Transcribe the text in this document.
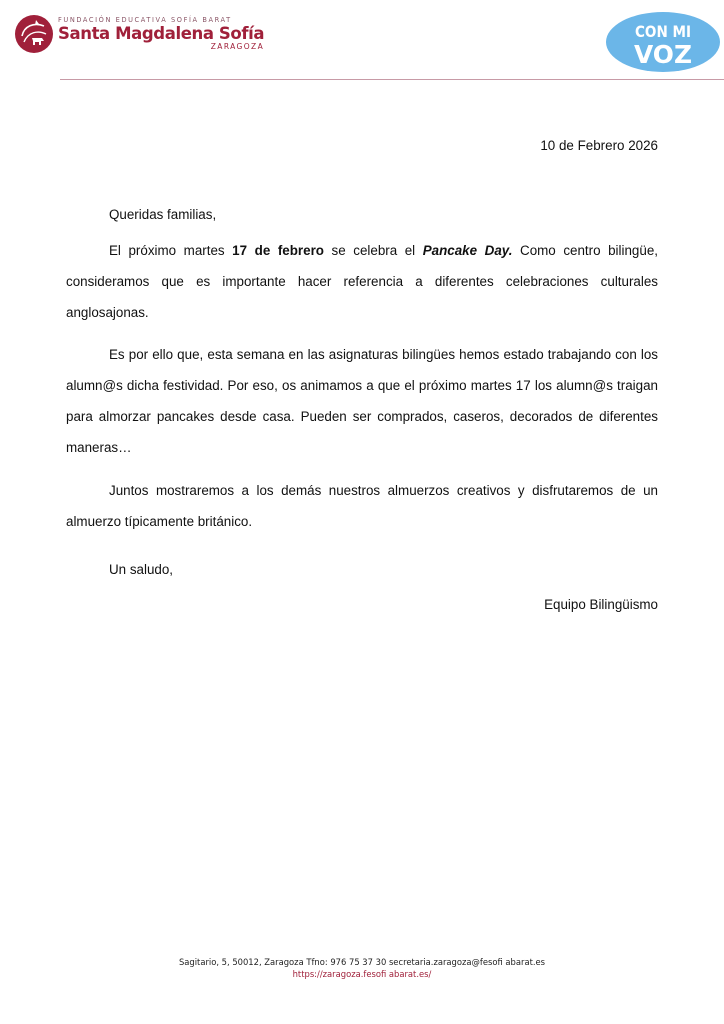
FUNDACIÓN EDUCATIVA SOFÍA BARAT
Santa Magdalena Sofía
ZARAGOZA
CON MI
VOZ
10 de Febrero 2026

Queridas familias,

El próximo martes 17 de febrero se celebra el Pancake Day. Como centro bilingüe, consideramos que es importante hacer referencia a diferentes celebraciones culturales anglosajonas.

Es por ello que, esta semana en las asignaturas bilingües hemos estado trabajando con los alumn@s dicha festividad. Por eso, os animamos a que el próximo martes 17 los alumn@s traigan para almorzar pancakes desde casa. Pueden ser comprados, caseros, decorados de diferentes maneras…

Juntos mostraremos a los demás nuestros almuerzos creativos y disfrutaremos de un almuerzo típicamente británico.

Un saludo,

Equipo Bilingüismo
Sagitario, 5, 50012, Zaragoza Tfno: 976 75 37 30 secretaria.zaragoza@fesofi abarat.es
https://zaragoza.fesofi abarat.es/
